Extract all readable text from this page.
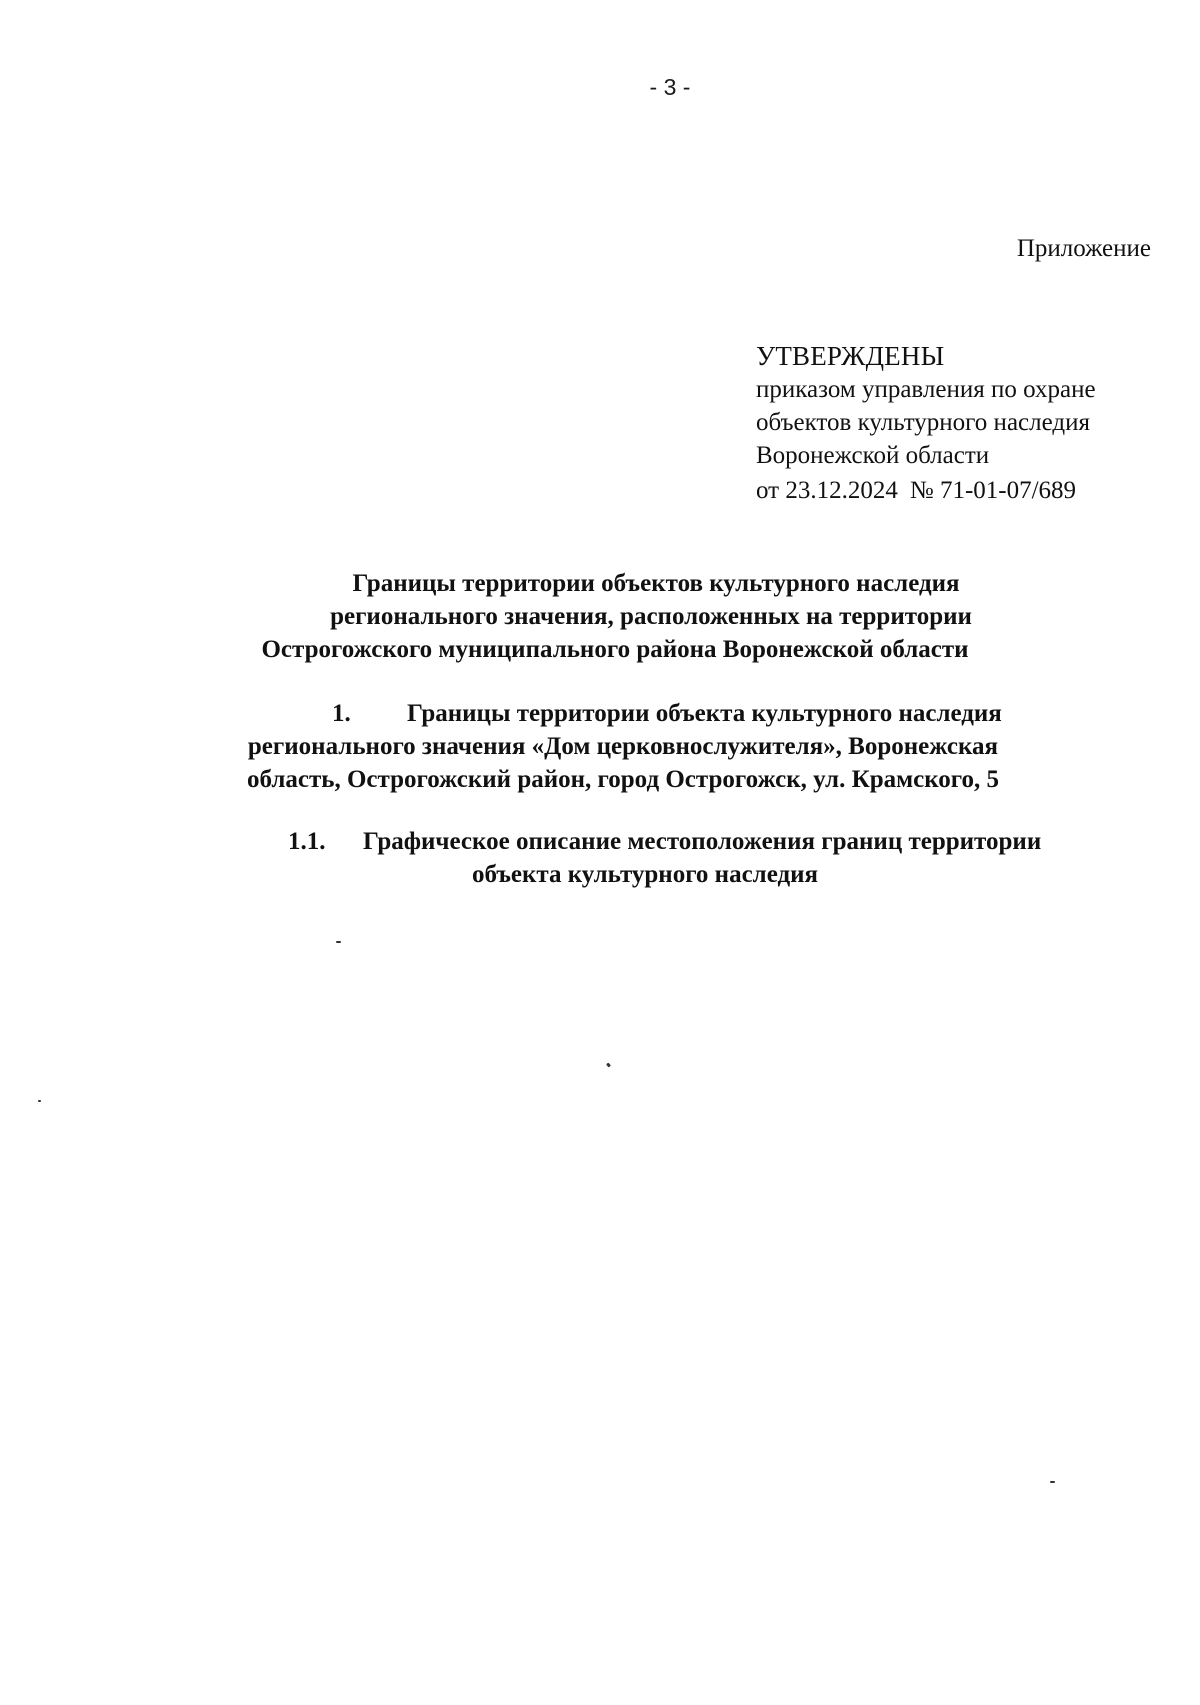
- 3 -
Приложение
УТВЕРЖДЕНЫ
приказом управления по охране
объектов культурного наследия
Воронежской области
от 23.12.2024 № 71-01-07/689
Границы территории объектов культурного наследия
регионального значения, расположенных на территории
Острогожского муниципального района Воронежской области
1. Границы территории объекта культурного наследия
регионального значения «Дом церковнослужителя», Воронежская
область, Острогожский район, город Острогожск, ул. Крамского, 5
1.1. Графическое описание местоположения границ территории
объекта культурного наследия
